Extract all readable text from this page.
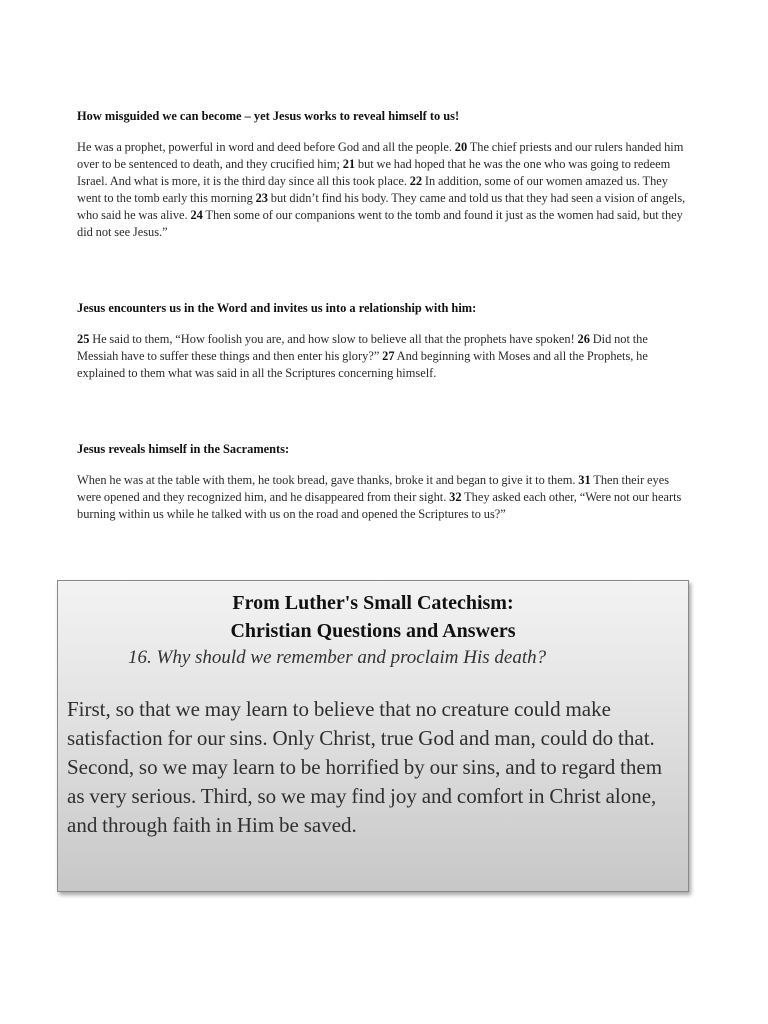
How misguided we can become – yet Jesus works to reveal himself to us!

He was a prophet, powerful in word and deed before God and all the people. 20 The chief priests and our rulers handed him over to be sentenced to death, and they crucified him; 21 but we had hoped that he was the one who was going to redeem Israel. And what is more, it is the third day since all this took place. 22 In addition, some of our women amazed us. They went to the tomb early this morning 23 but didn’t find his body. They came and told us that they had seen a vision of angels, who said he was alive. 24 Then some of our companions went to the tomb and found it just as the women had said, but they did not see Jesus.”

Jesus encounters us in the Word and invites us into a relationship with him:

25 He said to them, “How foolish you are, and how slow to believe all that the prophets have spoken! 26 Did not the Messiah have to suffer these things and then enter his glory?” 27 And beginning with Moses and all the Prophets, he explained to them what was said in all the Scriptures concerning himself.

Jesus reveals himself in the Sacraments:

When he was at the table with them, he took bread, gave thanks, broke it and began to give it to them. 31 Then their eyes were opened and they recognized him, and he disappeared from their sight. 32 They asked each other, “Were not our hearts burning within us while he talked with us on the road and opened the Scriptures to us?”

From Luther's Small Catechism:

Christian Questions and Answers

16. Why should we remember and proclaim His death?

First, so that we may learn to believe that no creature could make satisfaction for our sins. Only Christ, true God and man, could do that. Second, so we may learn to be horrified by our sins, and to regard them as very serious. Third, so we may find joy and comfort in Christ alone, and through faith in Him be saved.
